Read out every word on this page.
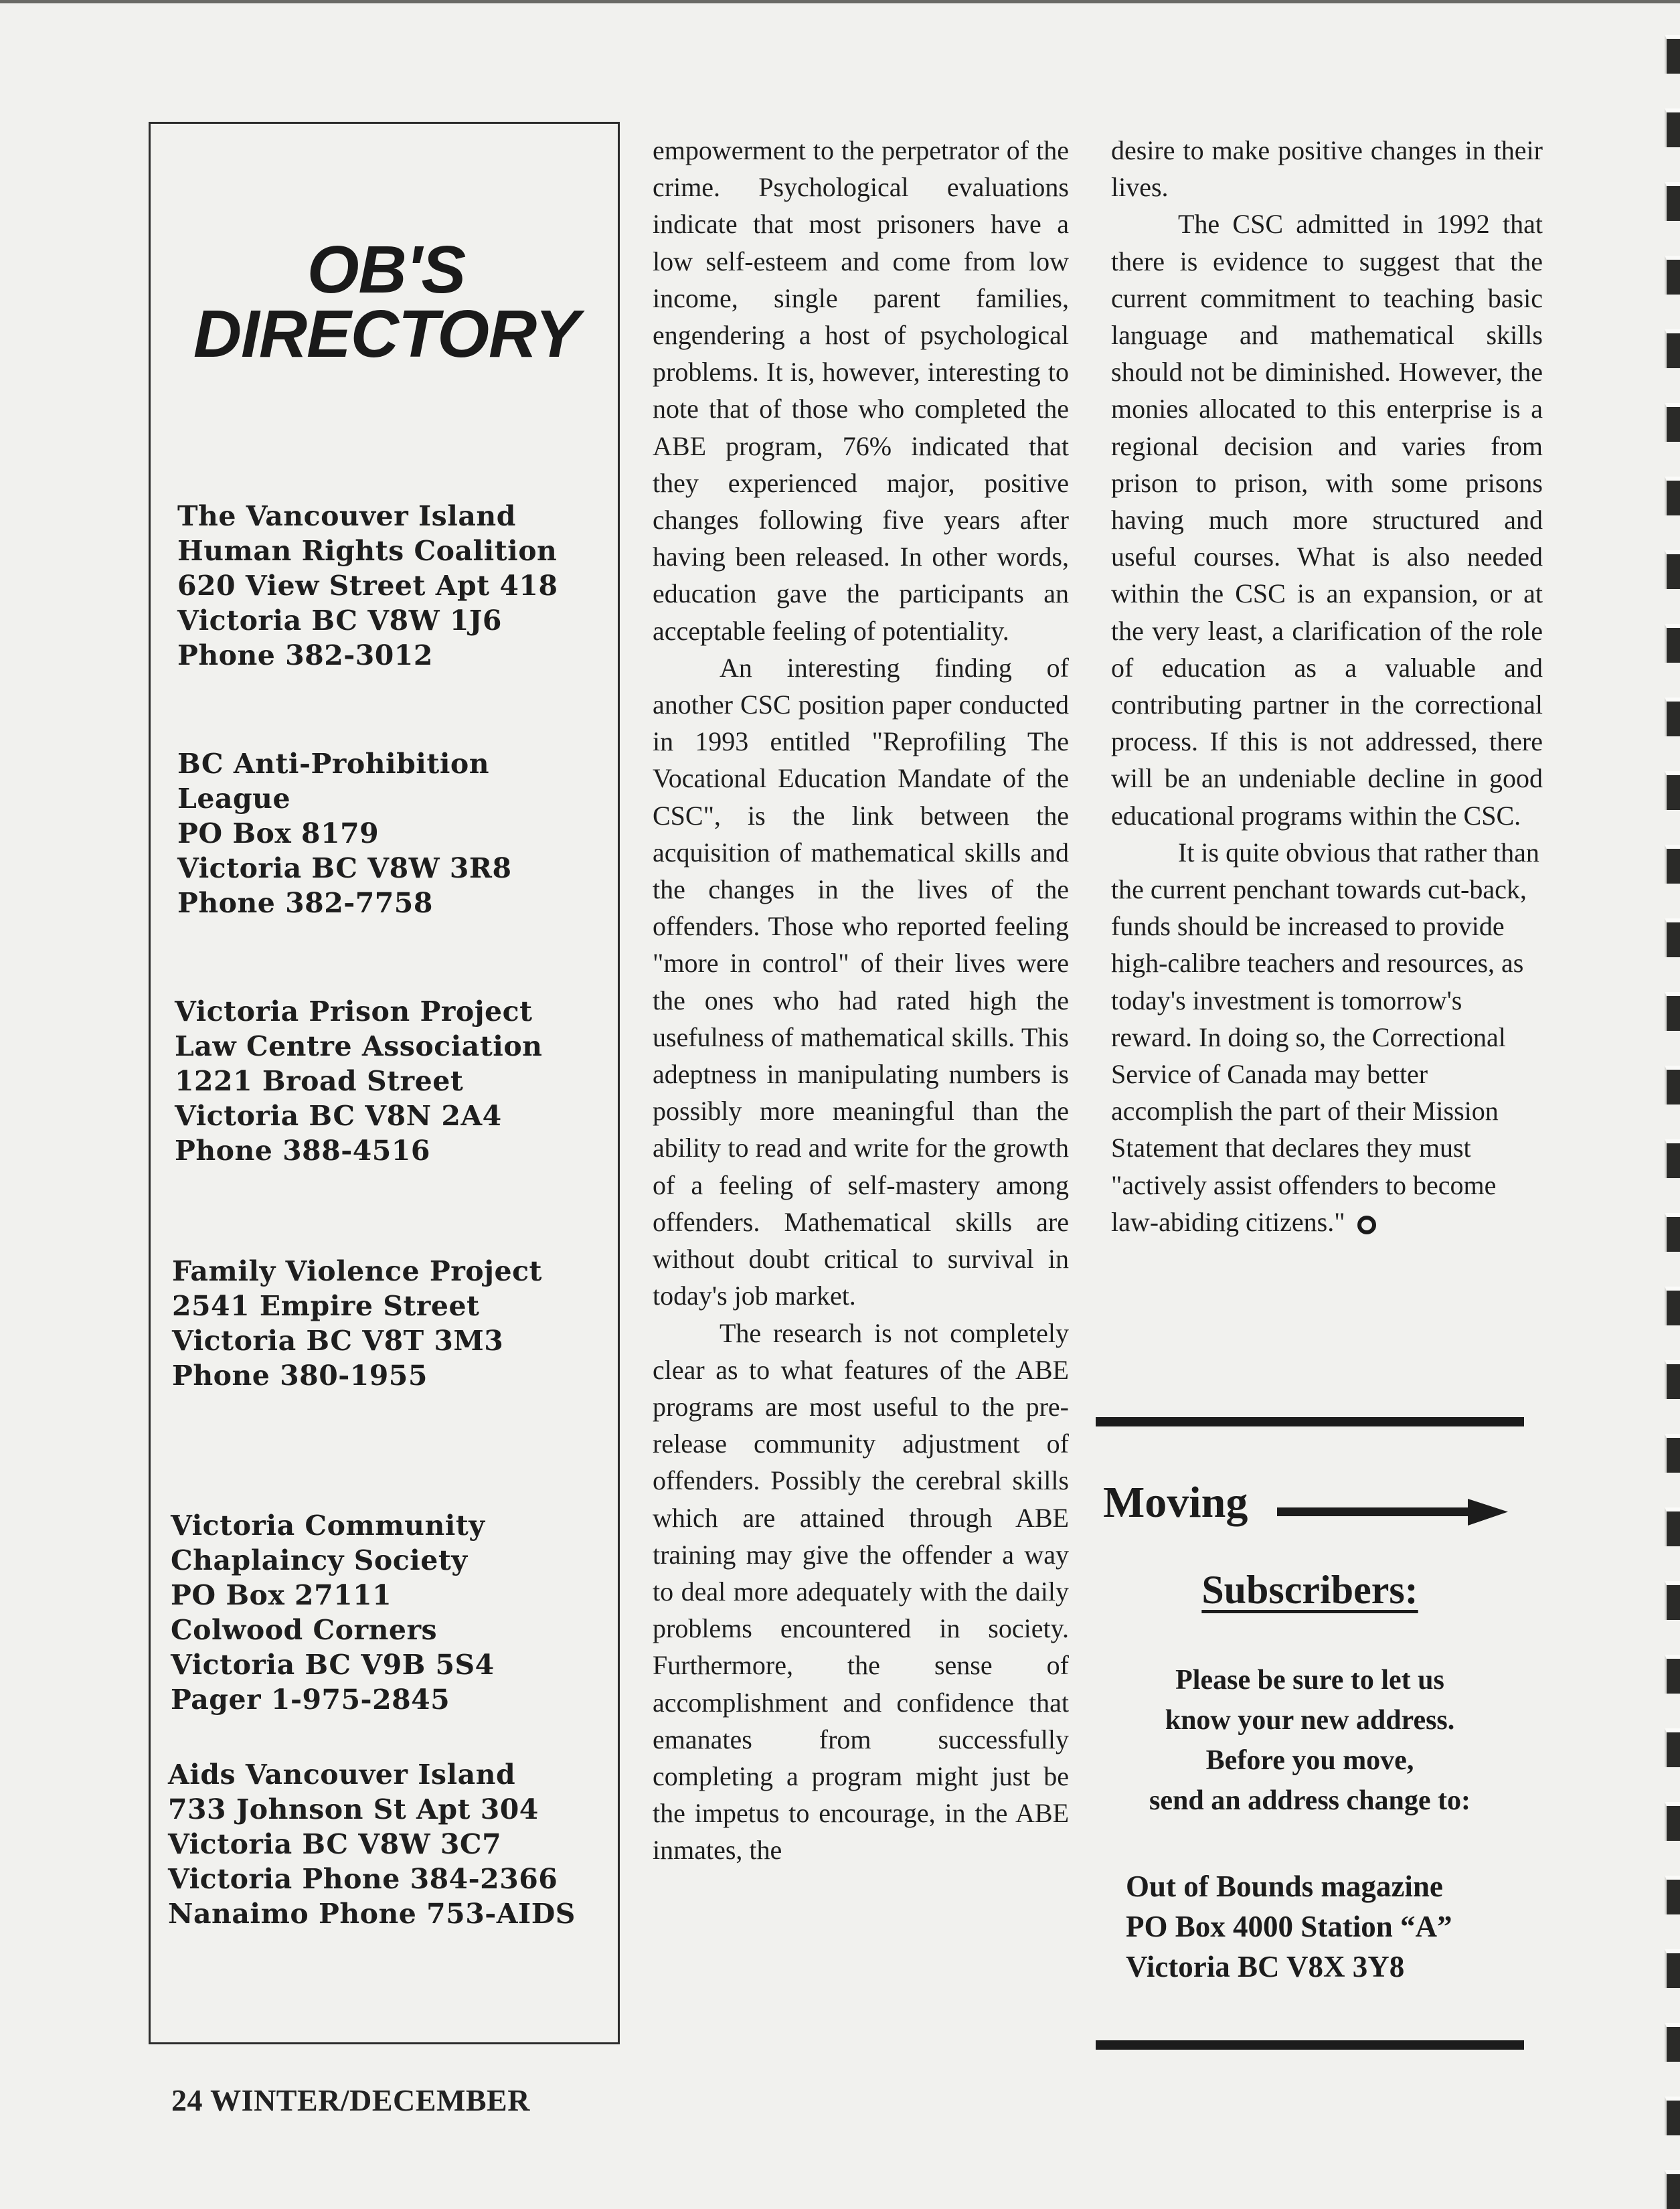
OB'S
DIRECTORY
The Vancouver Island
Human Rights Coalition
620 View Street Apt 418
Victoria BC V8W 1J6
Phone 382-3012
BC Anti-Prohibition
League
PO Box 8179
Victoria BC V8W 3R8
Phone 382-7758
Victoria Prison Project
Law Centre Association
1221 Broad Street
Victoria BC V8N 2A4
Phone 388-4516
Family Violence Project
2541 Empire Street
Victoria BC V8T 3M3
Phone 380-1955
Victoria Community
Chaplaincy Society
PO Box 27111
Colwood Corners
Victoria BC V9B 5S4
Pager 1-975-2845
Aids Vancouver Island
733 Johnson St Apt 304
Victoria BC V8W 3C7
Victoria Phone 384-2366
Nanaimo Phone 753-AIDS

empowerment to the perpetrator of the crime. Psychological evaluations indicate that most prisoners have a low self-esteem and come from low income, single parent families, engendering a host of psychological problems. It is, however, interesting to note that of those who completed the ABE program, 76% indicated that they experienced major, positive changes following five years after having been released. In other words, education gave the participants an acceptable feeling of potentiality.

An interesting finding of another CSC position paper conducted in 1993 entitled "Reprofiling The Vocational Education Mandate of the CSC", is the link between the acquisition of mathematical skills and the changes in the lives of the offenders. Those who reported feeling "more in control" of their lives were the ones who had rated high the usefulness of mathematical skills. This adeptness in manipulating numbers is possibly more meaningful than the ability to read and write for the growth of a feeling of self-mastery among offenders. Mathematical skills are without doubt critical to survival in today's job market.

The research is not completely clear as to what features of the ABE programs are most useful to the pre-release community adjustment of offenders. Possibly the cerebral skills which are attained through ABE training may give the offender a way to deal more adequately with the daily problems encountered in society. Furthermore, the sense of accomplishment and confidence that emanates from successfully completing a program might just be the impetus to encourage, in the ABE inmates, the

desire to make positive changes in their lives.

The CSC admitted in 1992 that there is evidence to suggest that the current commitment to teaching basic language and mathematical skills should not be diminished. However, the monies allocated to this enterprise is a regional decision and varies from prison to prison, with some prisons having much more structured and useful courses. What is also needed within the CSC is an expansion, or at the very least, a clarification of the role of education as a valuable and contributing partner in the correctional process. If this is not addressed, there will be an undeniable decline in good educational programs within the CSC.

It is quite obvious that rather than the current penchant towards cut-back, funds should be increased to provide high-calibre teachers and resources, as today's investment is tomorrow's reward. In doing so, the Correctional Service of Canada may better accomplish the part of their Mission Statement that declares they must "actively assist offenders to become law-abiding citizens."

Moving
Subscribers:
Please be sure to let us
know your new address.
Before you move,
send an address change to:
Out of Bounds magazine
PO Box 4000 Station “A”
Victoria BC V8X 3Y8
24 WINTER/DECEMBER
